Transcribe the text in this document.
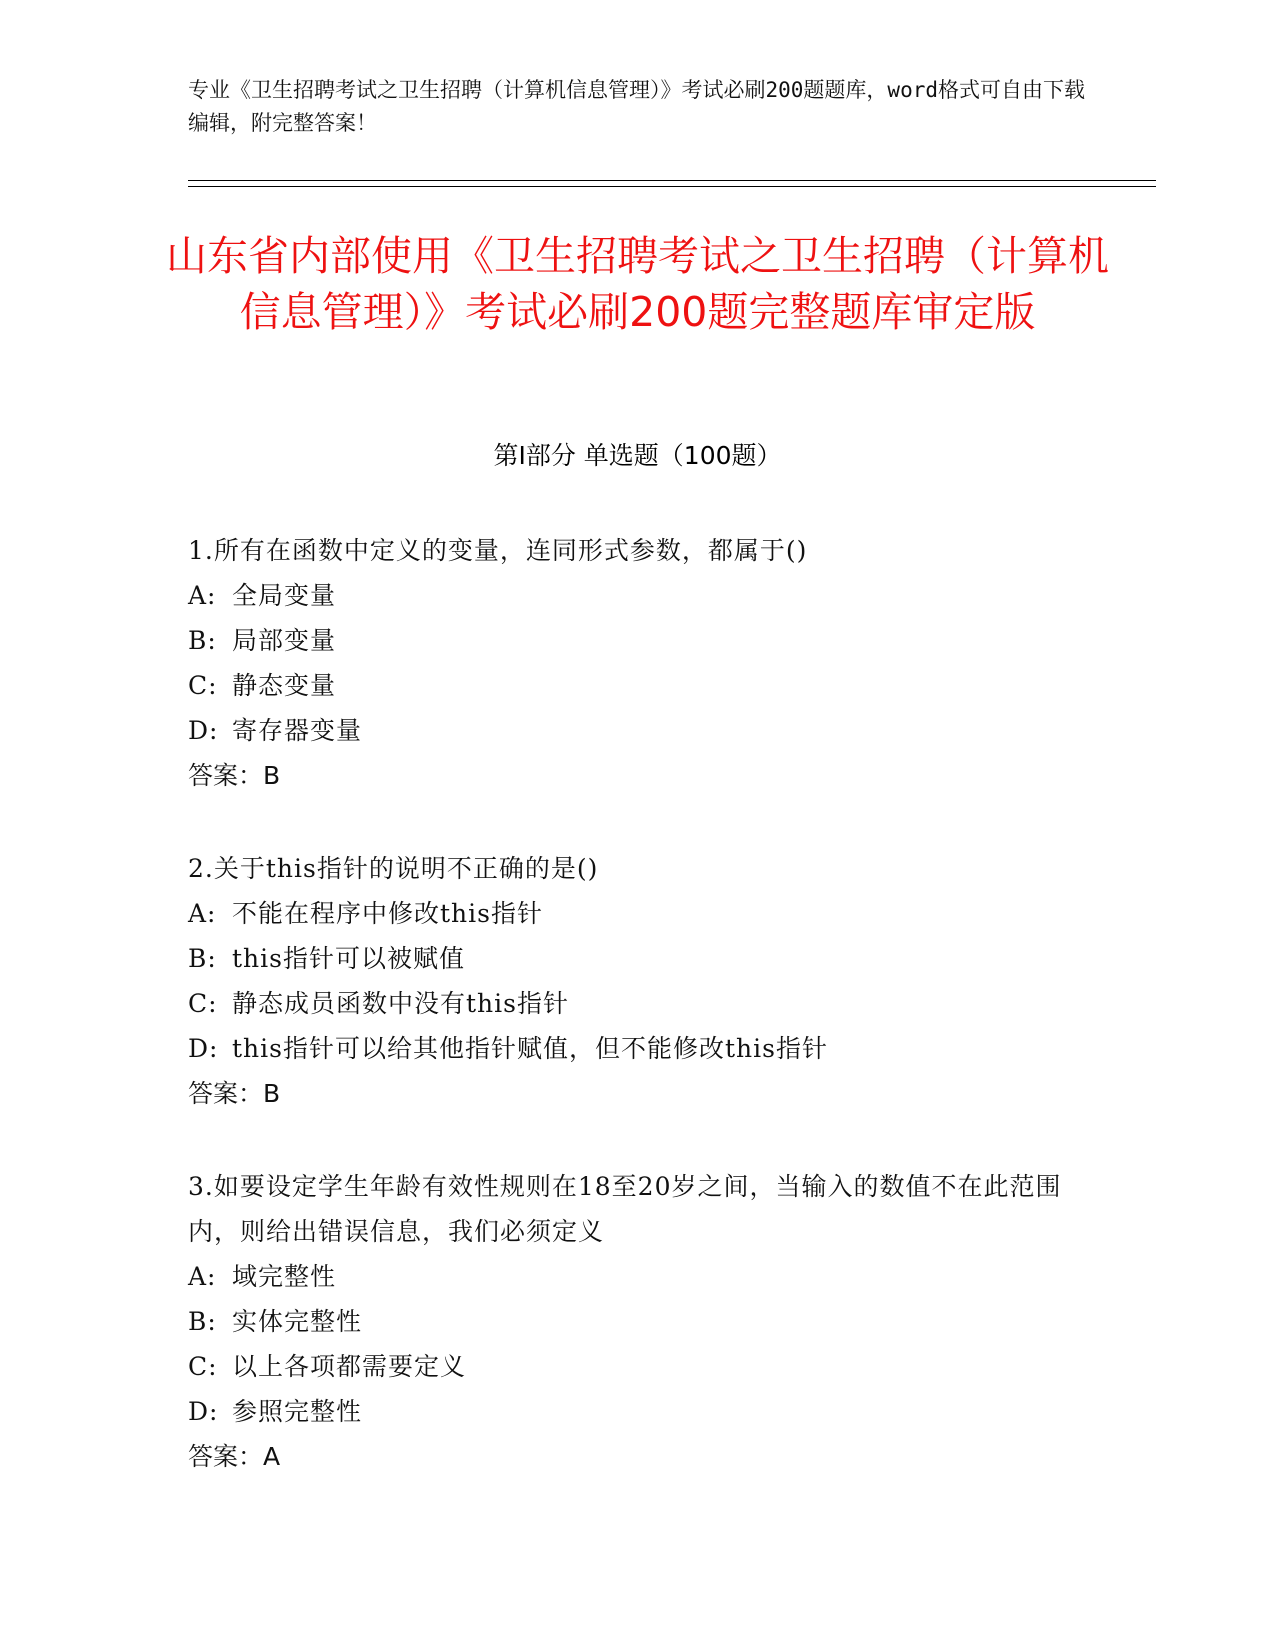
专业《卫生招聘考试之卫生招聘（计算机信息管理）》考试必刷200题题库，word格式可自由下载编辑，附完整答案！
山东省内部使用《卫生招聘考试之卫生招聘（计算机信息管理）》考试必刷200题完整题库审定版
第I部分 单选题（100题）

1.所有在函数中定义的变量，连同形式参数，都属于()

A: 全局变量

B: 局部变量

C: 静态变量

D: 寄存器变量

答案：B

2.关于this指针的说明不正确的是()

A: 不能在程序中修改this指针

B: this指针可以被赋值

C: 静态成员函数中没有this指针

D: this指针可以给其他指针赋值，但不能修改this指针

答案：B

3.如要设定学生年龄有效性规则在18至20岁之间，当输入的数值不在此范围内，则给出错误信息，我们必须定义

A: 域完整性

B: 实体完整性

C: 以上各项都需要定义

D: 参照完整性

答案：A
